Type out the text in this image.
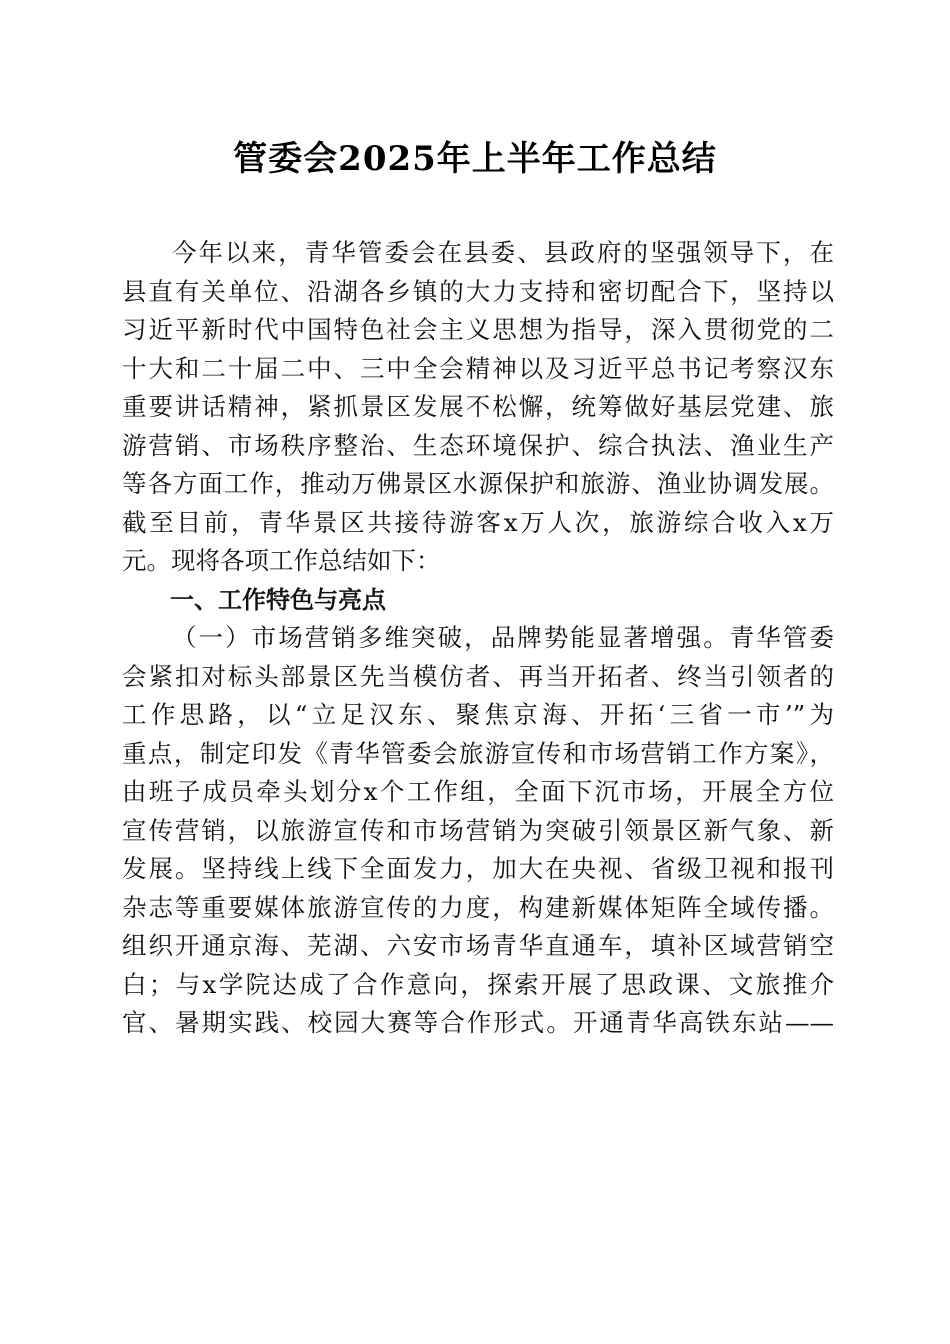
管委会2025年上半年工作总结
今年以来，青华管委会在县委、县政府的坚强领导下，在
县直有关单位、沿湖各乡镇的大力支持和密切配合下，坚持以
习近平新时代中国特色社会主义思想为指导，深入贯彻党的二
十大和二十届二中、三中全会精神以及习近平总书记考察汉东
重要讲话精神，紧抓景区发展不松懈，统筹做好基层党建、旅
游营销、市场秩序整治、生态环境保护、综合执法、渔业生产
等各方面工作，推动万佛景区水源保护和旅游、渔业协调发展。
截至目前，青华景区共接待游客x万人次，旅游综合收入x万
元。现将各项工作总结如下：
一、工作特色与亮点
（一）市场营销多维突破，品牌势能显著增强。青华管委
会紧扣对标头部景区先当模仿者、再当开拓者、终当引领者的
工作思路，以“立足汉东、聚焦京海、开拓‘三省一市’”为
重点，制定印发《青华管委会旅游宣传和市场营销工作方案》，
由班子成员牵头划分x个工作组，全面下沉市场，开展全方位
宣传营销，以旅游宣传和市场营销为突破引领景区新气象、新
发展。坚持线上线下全面发力，加大在央视、省级卫视和报刊
杂志等重要媒体旅游宣传的力度，构建新媒体矩阵全域传播。
组织开通京海、芜湖、六安市场青华直通车，填补区域营销空
白；与x学院达成了合作意向，探索开展了思政课、文旅推介
官、暑期实践、校园大赛等合作形式。开通青华高铁东站——
